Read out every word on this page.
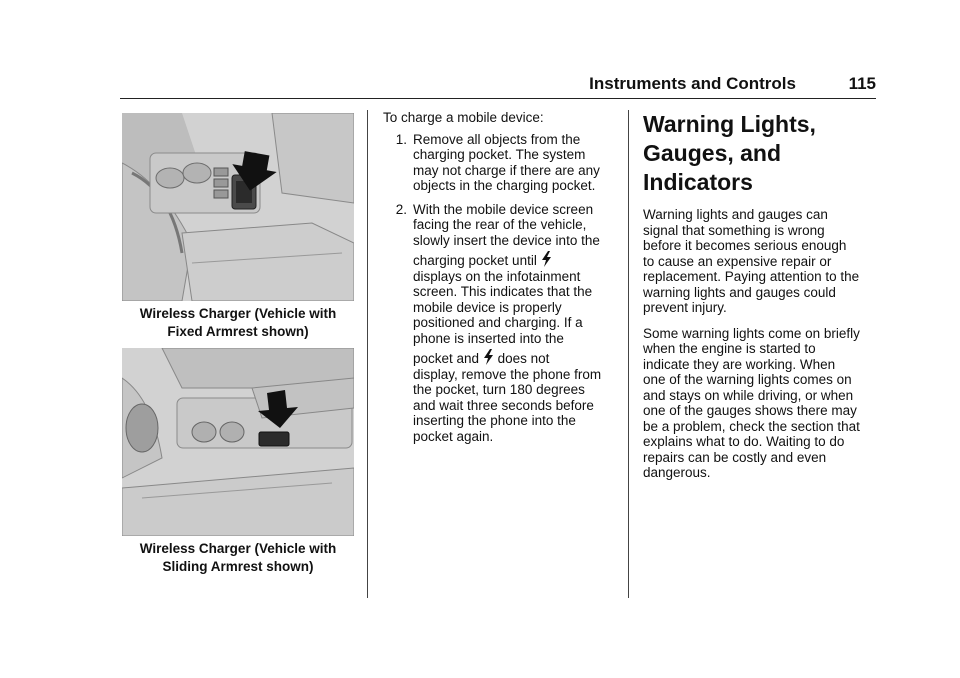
Instruments and Controls	115
Wireless Charger (Vehicle with
Fixed Armrest shown)
Wireless Charger (Vehicle with
Sliding Armrest shown)

To charge a mobile device:

1. Remove all objects from the
charging pocket. The system
may not charge if there are any
objects in the charging pocket.
2. With the mobile device screen
facing the rear of the vehicle,
slowly insert the device into the
charging pocket until
displays on the infotainment
screen. This indicates that the
mobile device is properly
positioned and charging. If a
phone is inserted into the
pocket and does not
display, remove the phone from
the pocket, turn 180 degrees
and wait three seconds before
inserting the phone into the
pocket again.
Warning Lights,
Gauges, and
Indicators

Warning lights and gauges can
signal that something is wrong
before it becomes serious enough
to cause an expensive repair or
replacement. Paying attention to the
warning lights and gauges could
prevent injury.

Some warning lights come on briefly
when the engine is started to
indicate they are working. When
one of the warning lights comes on
and stays on while driving, or when
one of the gauges shows there may
be a problem, check the section that
explains what to do. Waiting to do
repairs can be costly and even
dangerous.
